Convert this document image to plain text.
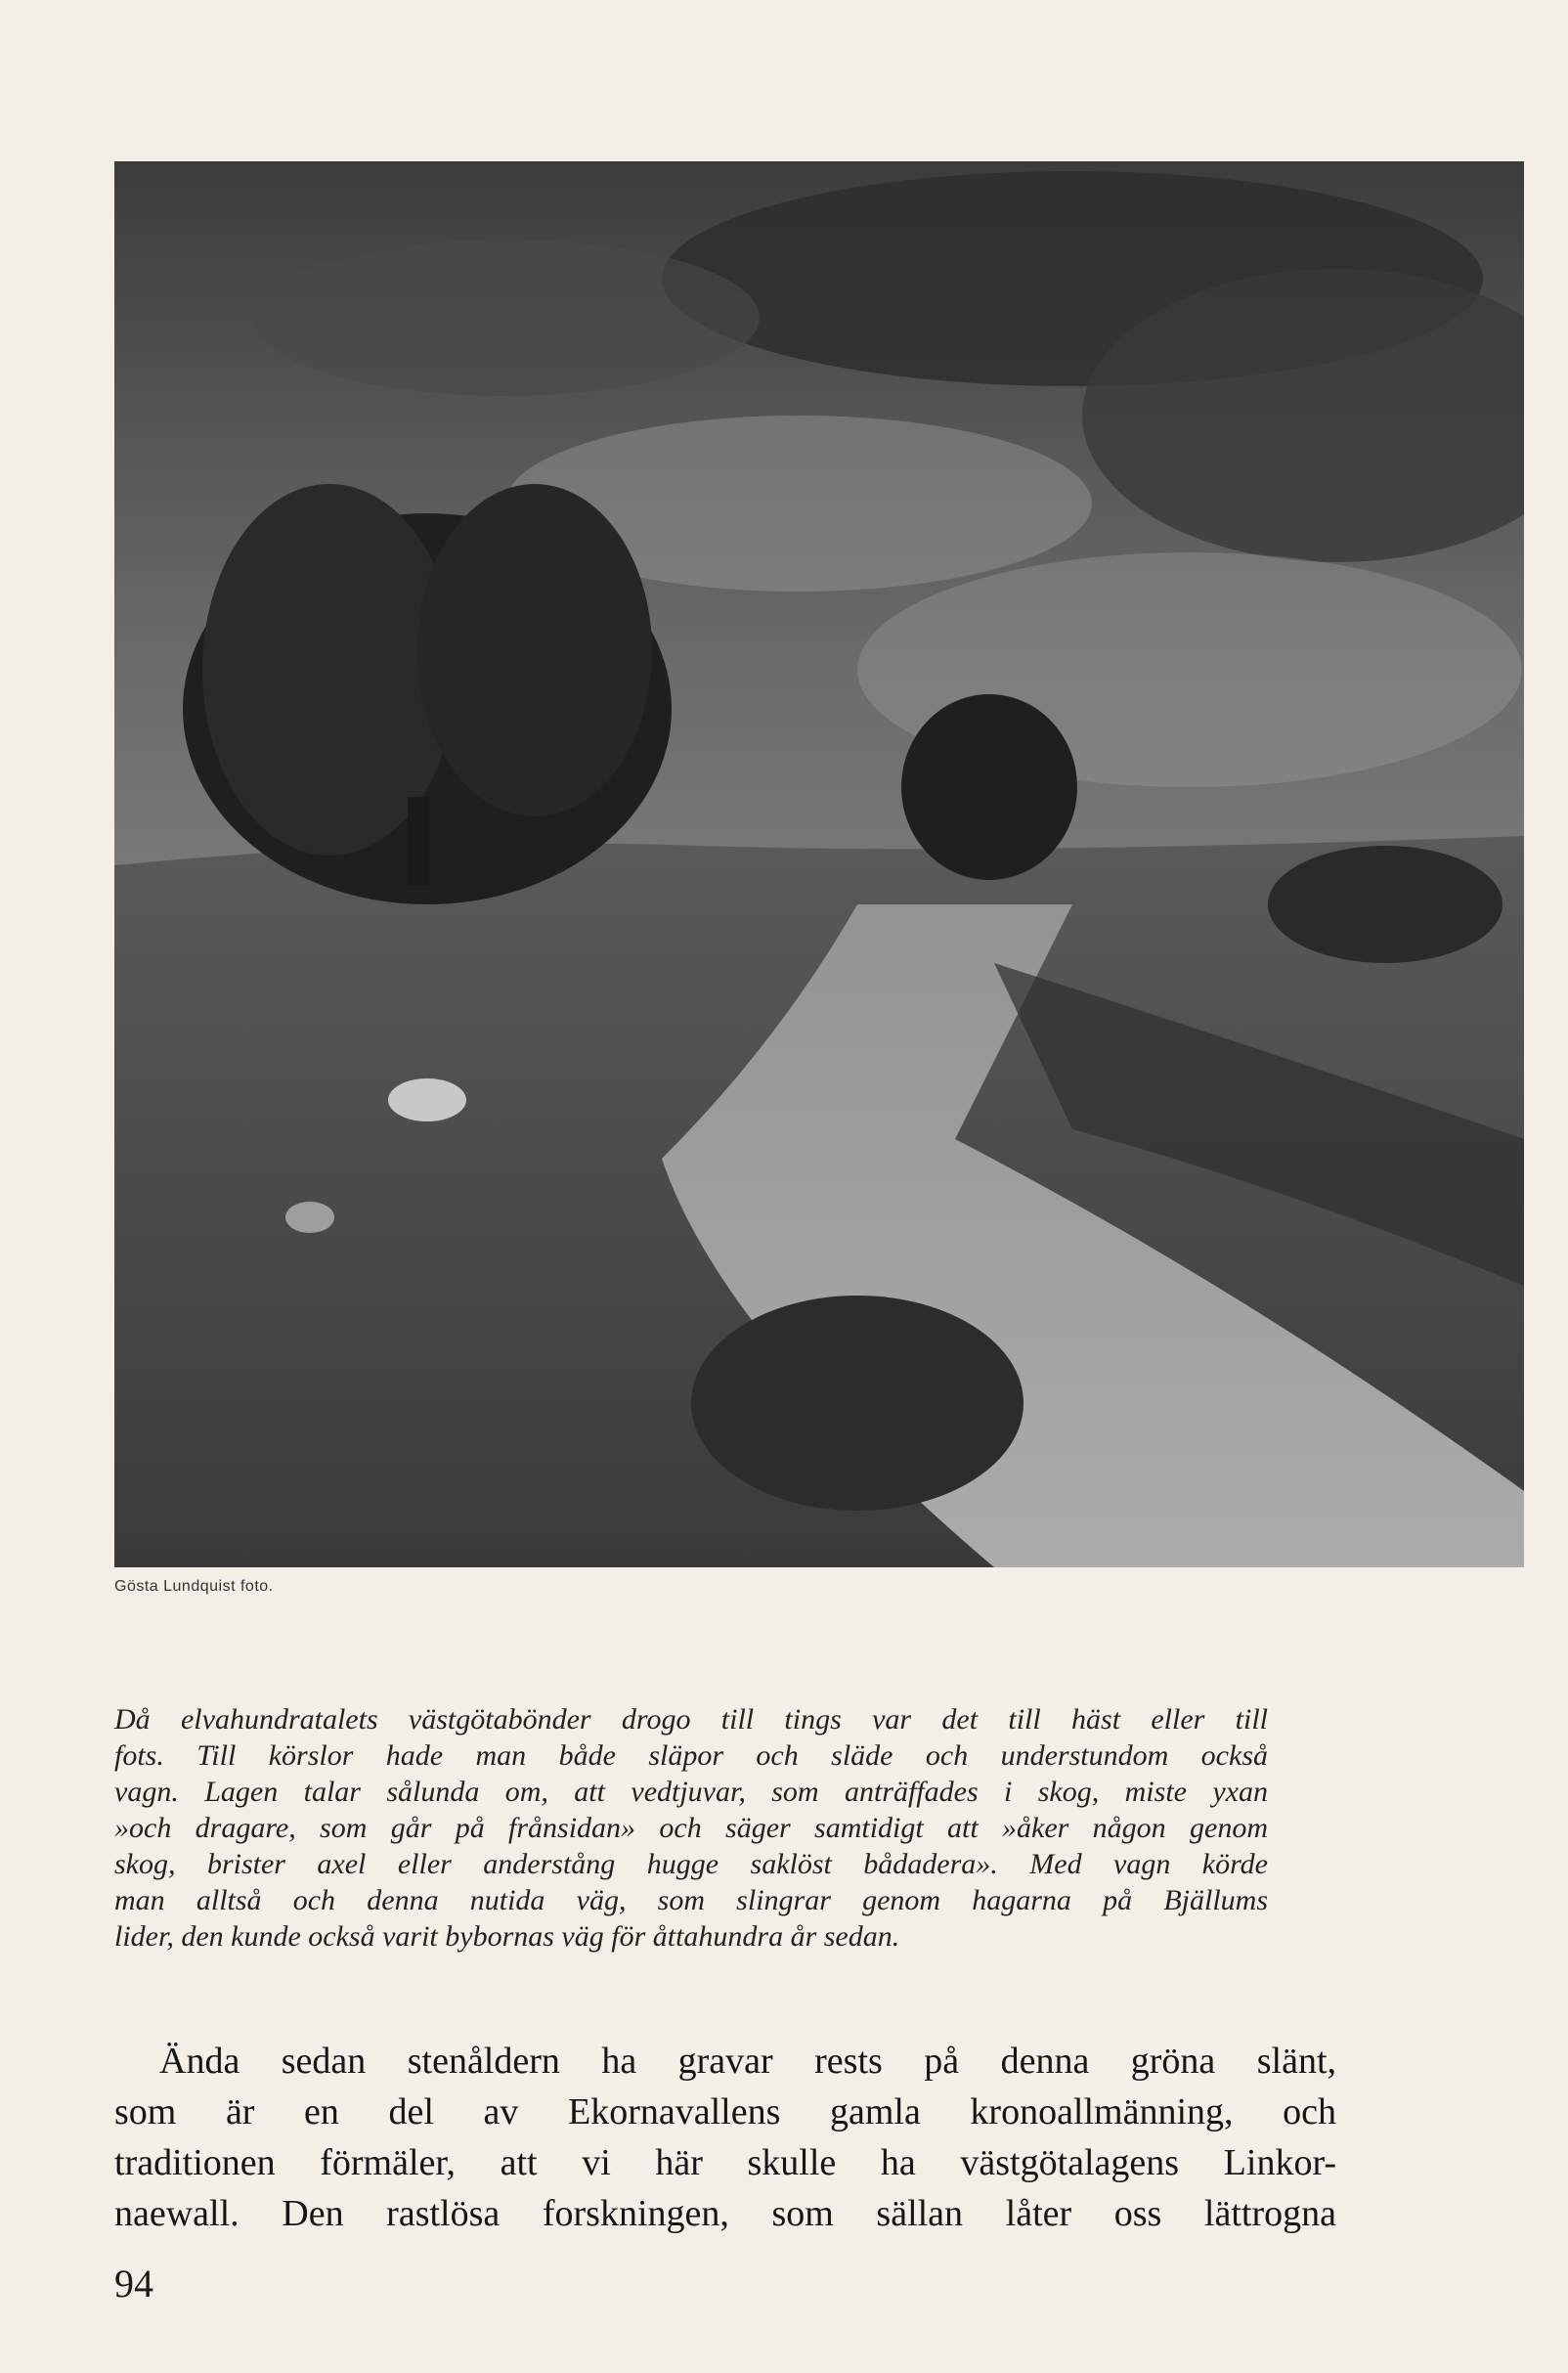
Gösta Lundquist foto.
Då elvahundratalets västgötabönder drogo till tings var det till häst eller till
fots. Till körslor hade man både släpor och släde och understundom också
vagn. Lagen talar sålunda om, att vedtjuvar, som anträffades i skog, miste yxan
»och dragare, som går på frånsidan» och säger samtidigt att »åker någon genom
skog, brister axel eller anderstång hugge saklöst bådadera». Med vagn körde
man alltså och denna nutida väg, som slingrar genom hagarna på Bjällums
lider, den kunde också varit bybornas väg för åttahundra år sedan.
Ända sedan stenåldern ha gravar rests på denna gröna slänt,
som är en del av Ekornavallens gamla kronoallmänning, och
traditionen förmäler, att vi här skulle ha västgötalagens Linkor-
naewall. Den rastlösa forskningen, som sällan låter oss lättrogna
94
